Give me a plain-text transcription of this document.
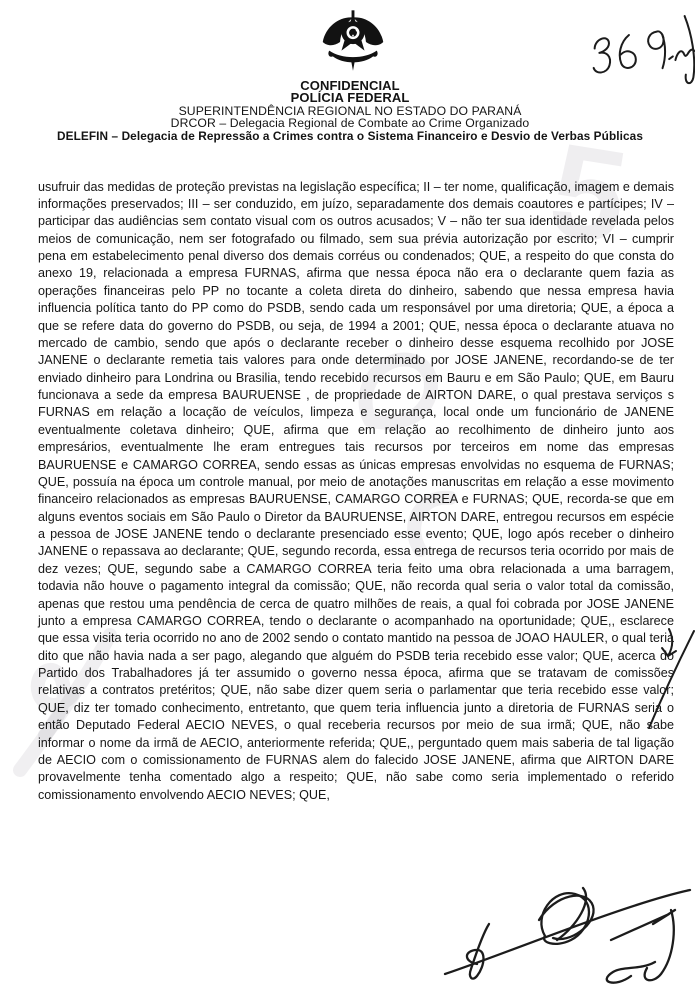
5
CONFIDENCIAL
POLÍCIA FEDERAL
SUPERINTENDÊNCIA REGIONAL NO ESTADO DO PARANÁ
DRCOR – Delegacia Regional de Combate ao Crime Organizado
DELEFIN – Delegacia de Repressão a Crimes contra o Sistema Financeiro e Desvio de Verbas Públicas

usufruir das medidas de proteção previstas na legislação específica; II – ter nome, qualificação, imagem e demais informações preservados; III – ser conduzido, em juízo, separadamente dos demais coautores e partícipes; IV – participar das audiências sem contato visual com os outros acusados; V – não ter sua identidade revelada pelos meios de comunicação, nem ser fotografado ou filmado, sem sua prévia autorização por escrito; VI – cumprir pena em estabelecimento penal diverso dos demais corréus ou condenados; QUE, a respeito do que consta do anexo 19, relacionada a empresa FURNAS, afirma que nessa época não era o declarante quem fazia as operações financeiras pelo PP no tocante a coleta direta do dinheiro, sabendo que nessa empresa havia influencia política tanto do PP como do PSDB, sendo cada um responsável por uma diretoria; QUE, a época a que se refere data do governo do PSDB, ou seja, de 1994 a 2001; QUE, nessa época o declarante atuava no mercado de cambio, sendo que após o declarante receber o dinheiro desse esquema recolhido por JOSE JANENE o declarante remetia tais valores para onde determinado por JOSE JANENE, recordando-se de ter enviado dinheiro para Londrina ou Brasilia, tendo recebido recursos em Bauru e em São Paulo; QUE, em Bauru funcionava a sede da empresa BAURUENSE , de propriedade de AIRTON DARE, o qual prestava serviços s FURNAS em relação a locação de veículos, limpeza e segurança, local onde um funcionário de JANENE eventualmente coletava dinheiro; QUE, afirma que em relação ao recolhimento de dinheiro junto aos empresários, eventualmente lhe eram entregues tais recursos por terceiros em nome das empresas BAURUENSE e CAMARGO CORREA, sendo essas as únicas empresas envolvidas no esquema de FURNAS; QUE, possuía na época um controle manual, por meio de anotações manuscritas em relação a esse movimento financeiro relacionados as empresas BAURUENSE, CAMARGO CORREA e FURNAS; QUE, recorda-se que em alguns eventos sociais em São Paulo o Diretor da BAURUENSE, AIRTON DARE, entregou recursos em espécie a pessoa de JOSE JANENE tendo o declarante presenciado esse evento; QUE, logo após receber o dinheiro JANENE o repassava ao declarante; QUE, segundo recorda, essa entrega de recursos teria ocorrido por mais de dez vezes; QUE, segundo sabe a CAMARGO CORREA teria feito uma obra relacionada a uma barragem, todavia não houve o pagamento integral da comissão; QUE, não recorda qual seria o valor total da comissão, apenas que restou uma pendência de cerca de quatro milhões de reais, a qual foi cobrada por JOSE JANENE junto a empresa CAMARGO CORREA, tendo o declarante o acompanhado na oportunidade; QUE,, esclarece que essa visita teria ocorrido no ano de 2002 sendo o contato mantido na pessoa de JOAO HAULER, o qual teria dito que não havia nada a ser pago, alegando que alguém do PSDB teria recebido esse valor; QUE, acerca do Partido dos Trabalhadores já ter assumido o governo nessa época, afirma que se tratavam de comissões relativas a contratos pretéritos; QUE, não sabe dizer quem seria o parlamentar que teria recebido esse valor; QUE, diz ter tomado conhecimento, entretanto, que quem teria influencia junto a diretoria de FURNAS seria o então Deputado Federal AECIO NEVES, o qual receberia recursos por meio de sua irmã; QUE, não sabe informar o nome da irmã de AECIO, anteriormente referida; QUE,, perguntado quem mais saberia de tal ligação de AECIO com o comissionamento de FURNAS alem do falecido JOSE JANENE, afirma que AIRTON DARE provavelmente tenha comentado algo a respeito; QUE, não sabe como seria implementado o referido comissionamento envolvendo AECIO NEVES; QUE,
